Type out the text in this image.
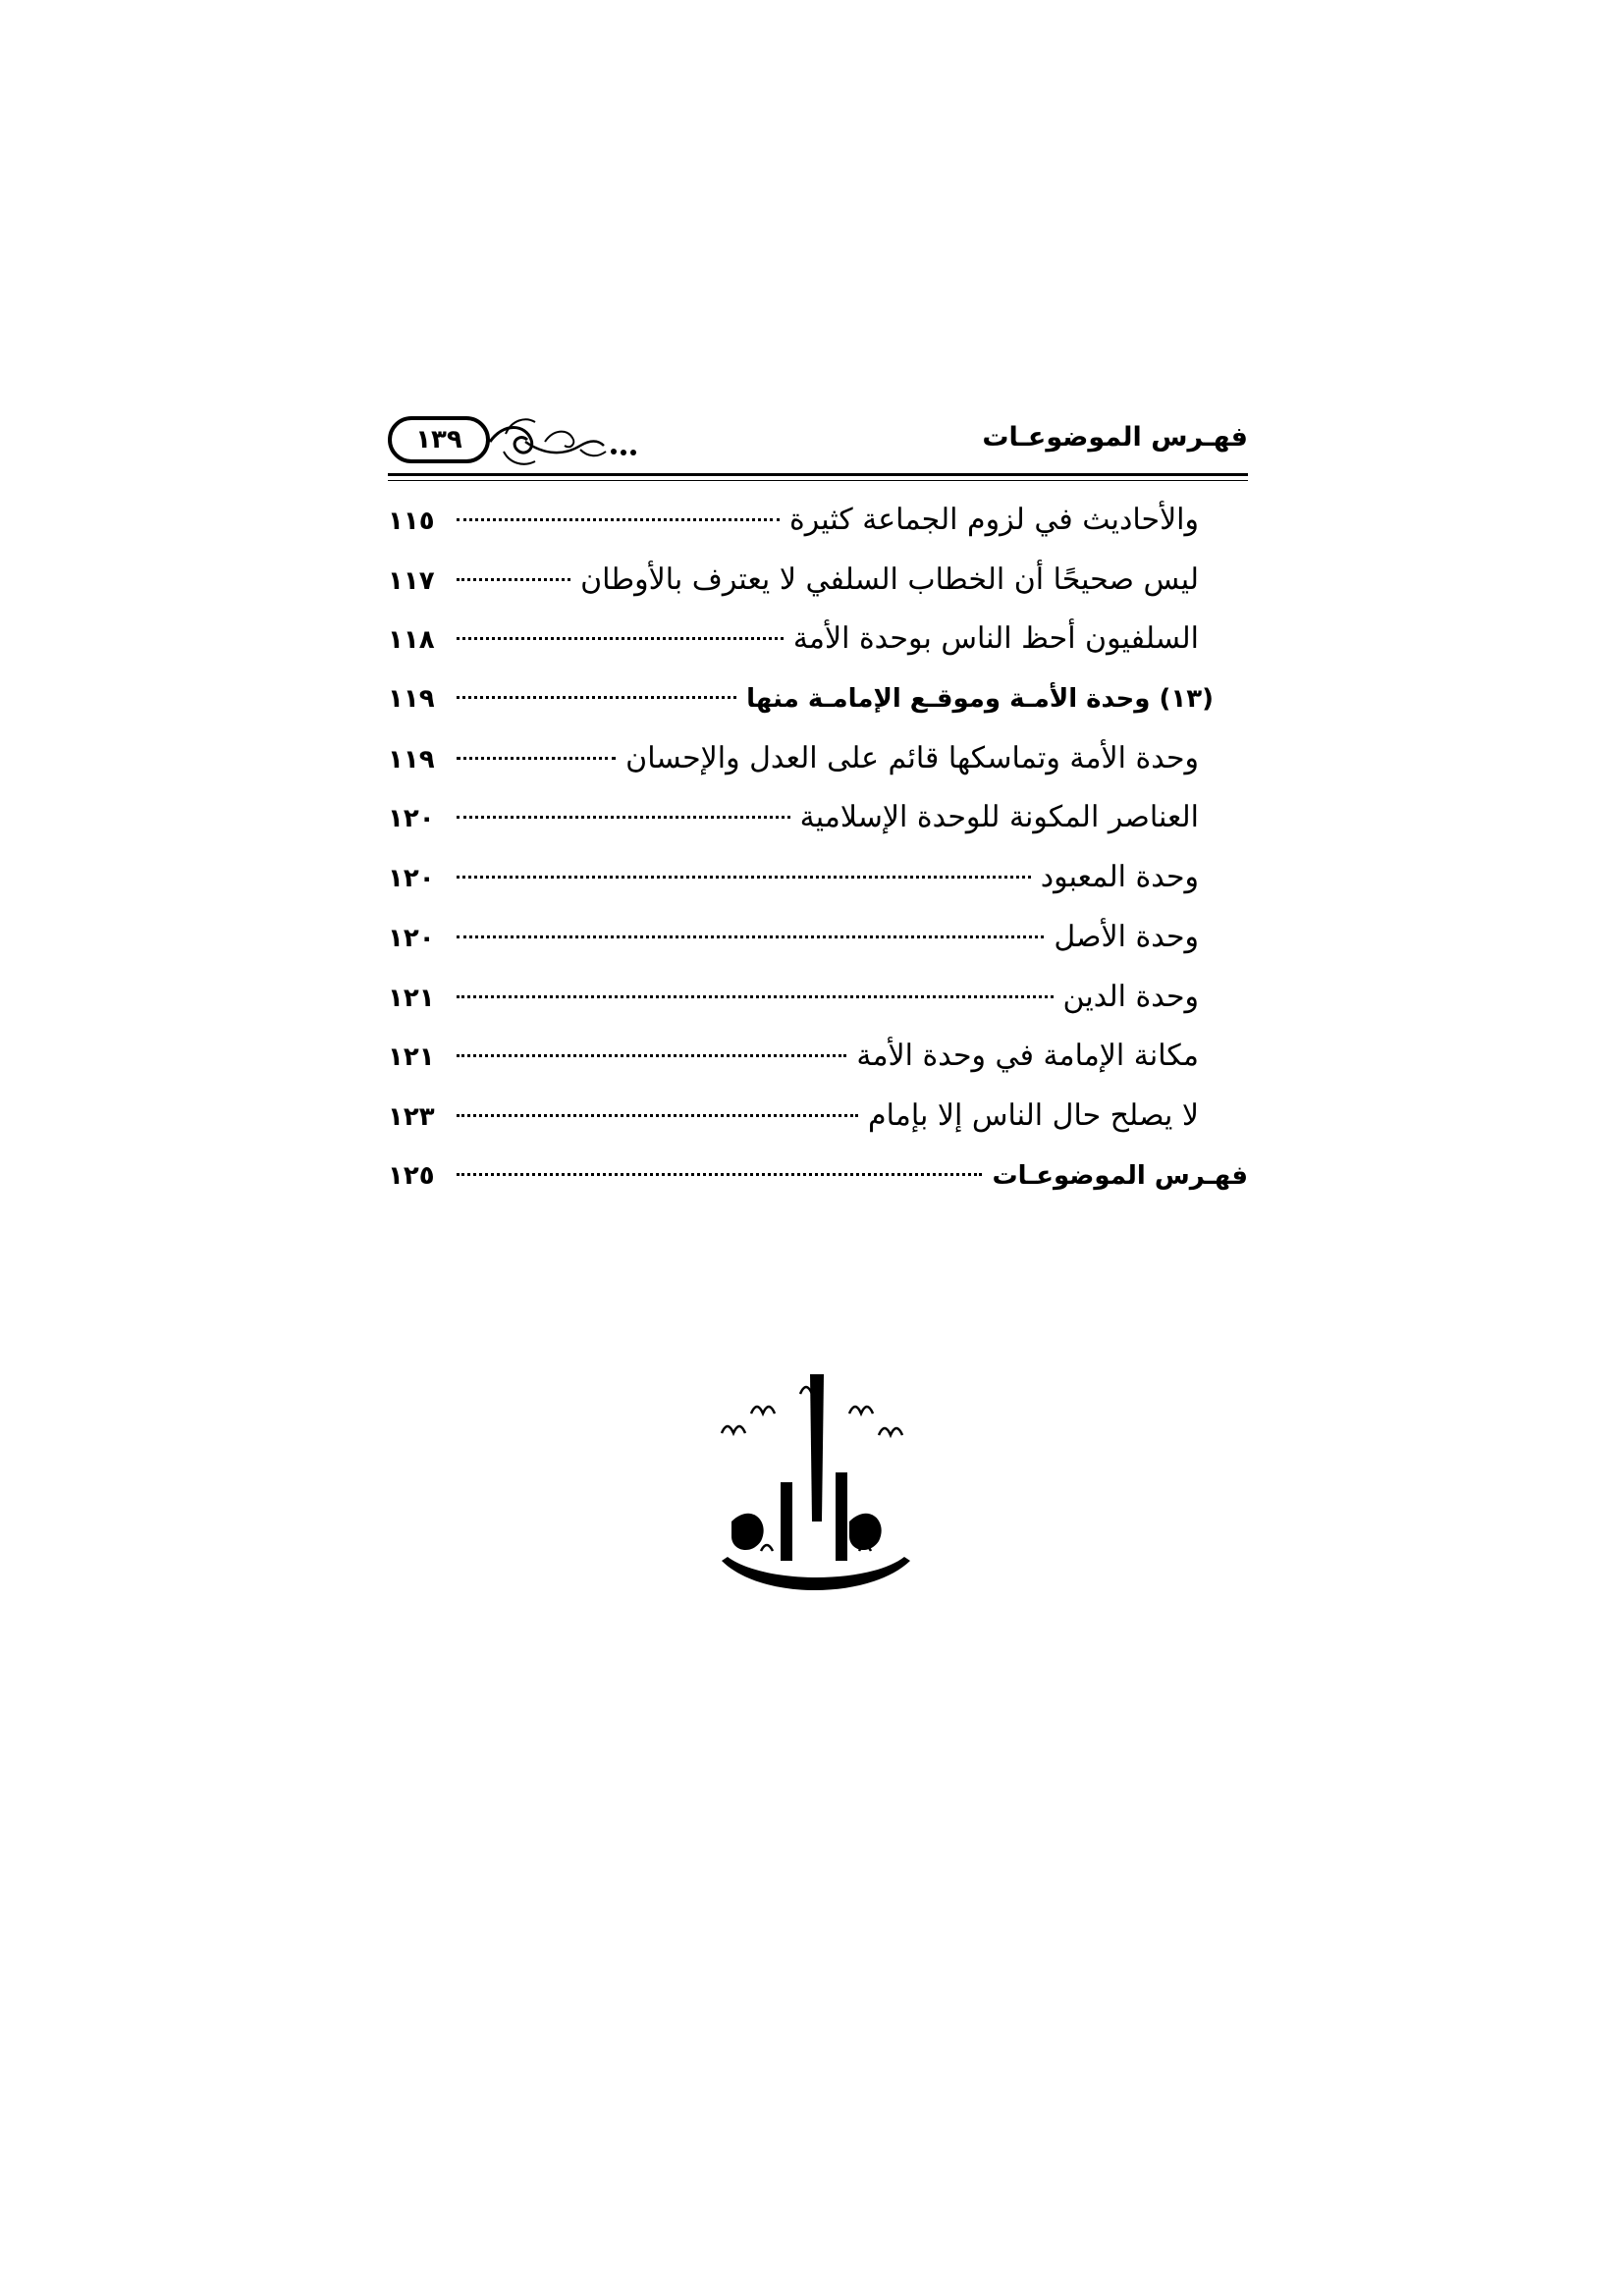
فهـرس الموضوعـات
١٣٩
والأحاديث في لزوم الجماعة كثيرة
١١٥
ليس صحيحًا أن الخطاب السلفي لا يعترف بالأوطان
١١٧
السلفيون أحظ الناس بوحدة الأمة
١١٨
(١٣) وحدة الأمـة وموقـع الإمامـة منها
١١٩
وحدة الأمة وتماسكها قائم على العدل والإحسان
١١٩
العناصر المكونة للوحدة الإسلامية
١٢٠
وحدة المعبود
١٢٠
وحدة الأصل
١٢٠
وحدة الدين
١٢١
مكانة الإمامة في وحدة الأمة
١٢١
لا يصلح حال الناس إلا بإمام
١٢٣
فهـرس الموضوعـات
١٢٥
